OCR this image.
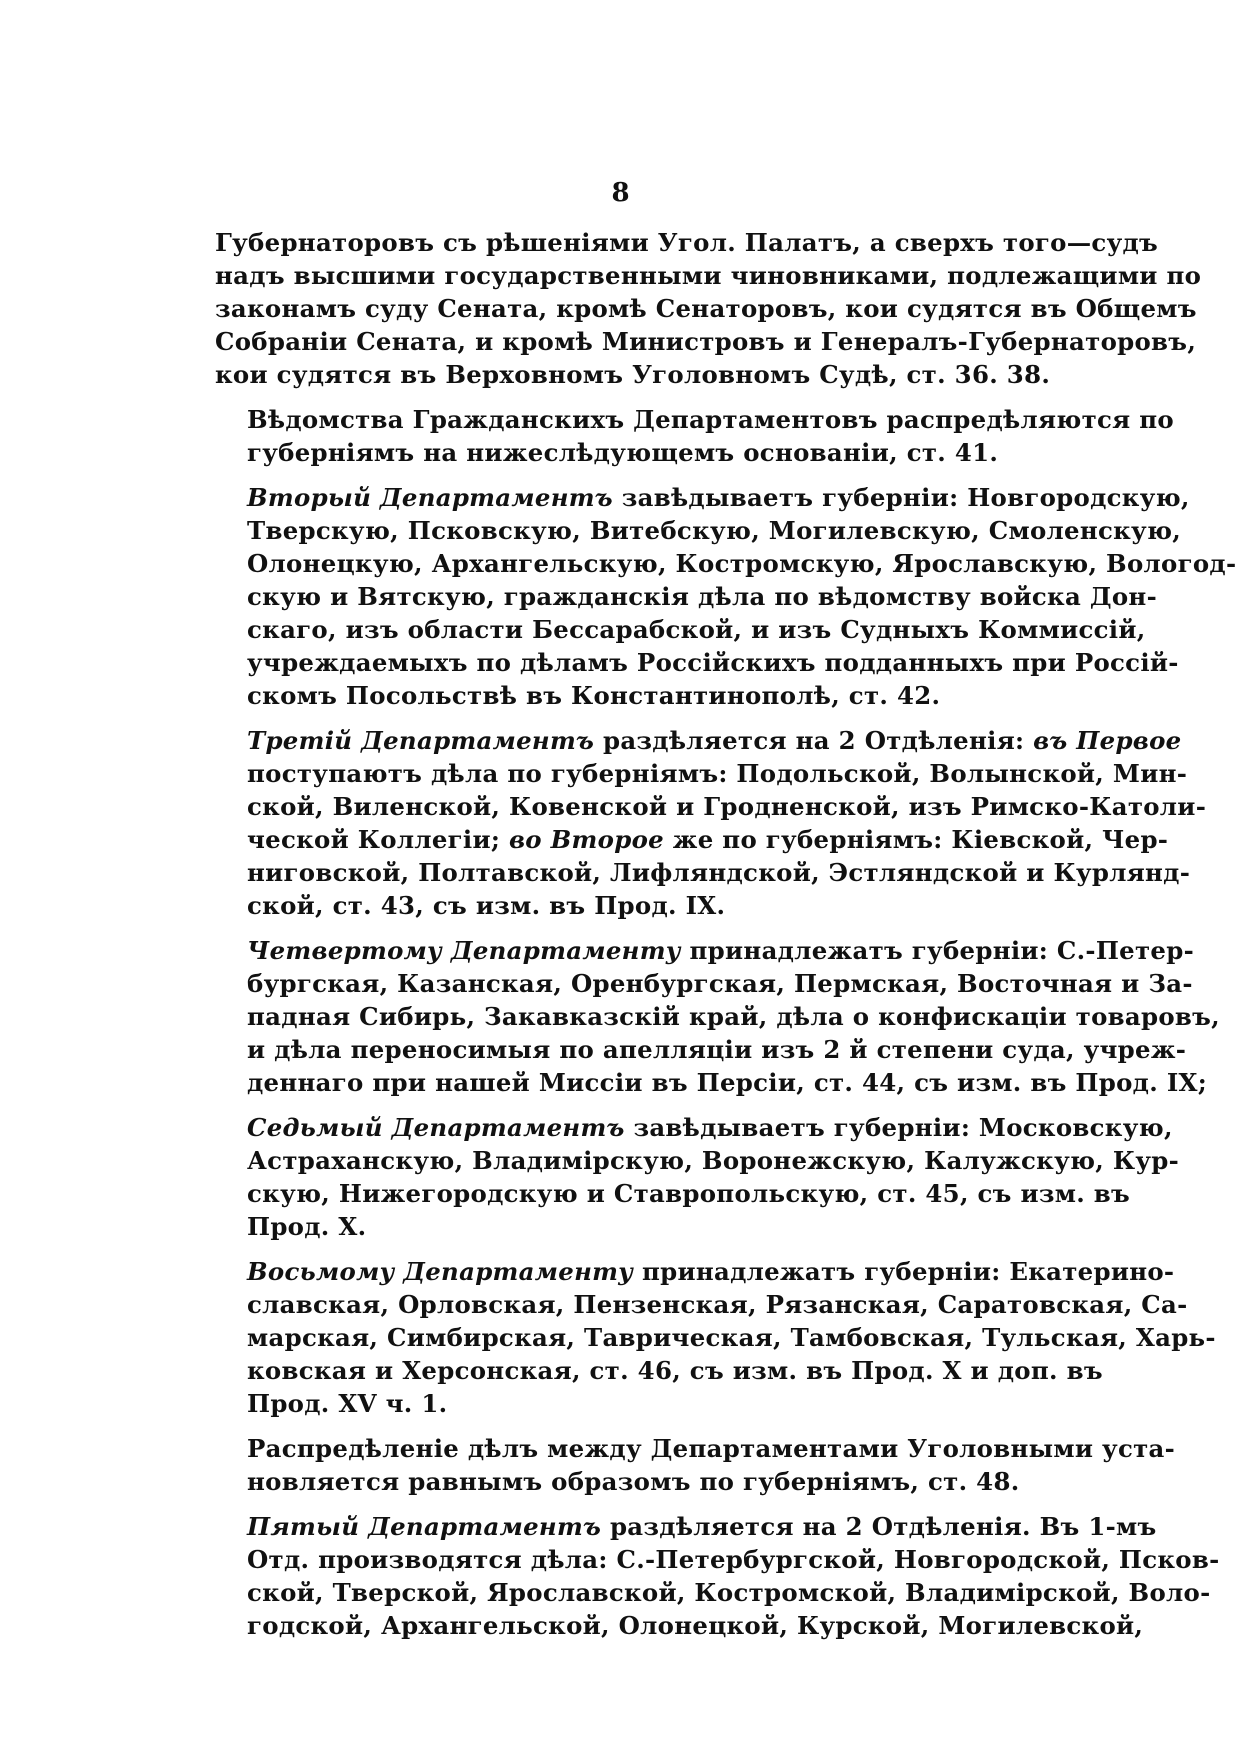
8

Губернаторовъ съ рѣшеніями Угол. Палатъ, а сверхъ того—судъ
надъ высшими государственными чиновниками, подлежащими по
законамъ суду Сената, кромѣ Сенаторовъ, кои судятся въ Общемъ
Собраніи Сената, и кромѣ Министровъ и Генералъ-Губернаторовъ,
кои судятся въ Верховномъ Уголовномъ Судѣ, ст. 36. 38.

Вѣдомства Гражданскихъ Департаментовъ распредѣляются по
губерніямъ на нижеслѣдующемъ основаніи, ст. 41.

Вторый Департаментъ завѣдываетъ губерніи: Новгородскую,
Тверскую, Псковскую, Витебскую, Могилевскую, Смоленскую,
Олонецкую, Архангельскую, Костромскую, Ярославскую, Вологод-
скую и Вятскую, гражданскія дѣла по вѣдомству войска Дон-
скаго, изъ области Бессарабской, и изъ Судныхъ Коммиссій,
учреждаемыхъ по дѣламъ Россійскихъ подданныхъ при Россій-
скомъ Посольствѣ въ Константинополѣ, ст. 42.

Третій Департаментъ раздѣляется на 2 Отдѣленія: въ Первое
поступаютъ дѣла по губерніямъ: Подольской, Волынской, Мин-
ской, Виленской, Ковенской и Гродненской, изъ Римско-Католи-
ческой Коллегіи; во Второе же по губерніямъ: Кіевской, Чер-
ниговской, Полтавской, Лифляндской, Эстляндской и Курлянд-
ской, ст. 43, съ изм. въ Прод. IX.

Четвертому Департаменту принадлежатъ губерніи: С.-Петер-
бургская, Казанская, Оренбургская, Пермская, Восточная и За-
падная Сибирь, Закавказскій край, дѣла о конфискаціи товаровъ,
и дѣла переносимыя по апелляціи изъ 2 й степени суда, учреж-
деннаго при нашей Миссіи въ Персіи, ст. 44, съ изм. въ Прод. IX;

Седьмый Департаментъ завѣдываетъ губерніи: Московскую,
Астраханскую, Владимірскую, Воронежскую, Калужскую, Кур-
скую, Нижегородскую и Ставропольскую, ст. 45, съ изм. въ
Прод. X.

Восьмому Департаменту принадлежатъ губерніи: Екатерино-
славская, Орловская, Пензенская, Рязанская, Саратовская, Са-
марская, Симбирская, Таврическая, Тамбовская, Тульская, Харь-
ковская и Херсонская, ст. 46, съ изм. въ Прод. X и доп. въ
Прод. XV ч. 1.

Распредѣленіе дѣлъ между Департаментами Уголовными уста-
новляется равнымъ образомъ по губерніямъ, ст. 48.

Пятый Департаментъ раздѣляется на 2 Отдѣленія. Въ 1-мъ
Отд. производятся дѣла: С.-Петербургской, Новгородской, Псков-
ской, Тверской, Ярославской, Костромской, Владимірской, Воло-
годской, Архангельской, Олонецкой, Курской, Могилевской,
